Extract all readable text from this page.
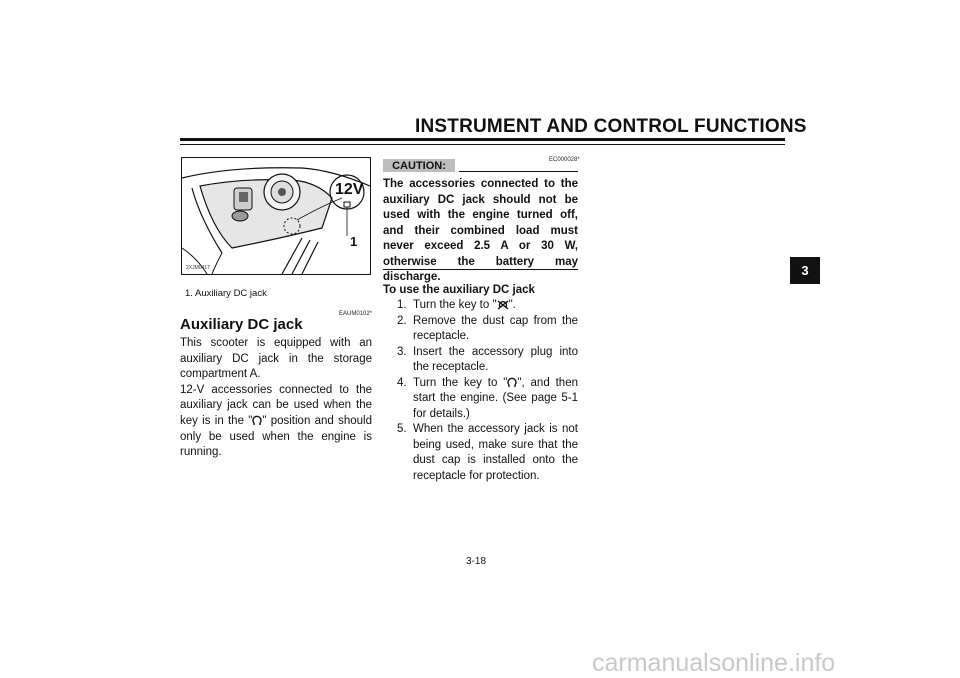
INSTRUMENT AND CONTROL FUNCTIONS
3
12V
1
2XJM0417
1. Auxiliary DC jack
EAUM0102*
Auxiliary DC jack

This scooter is equipped with an auxiliary DC jack in the storage compartment A.

12-V accessories connected to the auxiliary jack can be used when the key is in the " " position and should only be used when the engine is running.

EC000028*
CAUTION:
The accessories connected to the auxiliary DC jack should not be used with the engine turned off, and their combined load must never exceed 2.5 A or 30 W, otherwise the battery may discharge.
To use the auxiliary DC jack
1. Turn the key to " ".
2. Remove the dust cap from the receptacle.
3. Insert the accessory plug into the receptacle.
4. Turn the key to " ", and then start the engine. (See page 5-1 for details.)
5. When the accessory jack is not being used, make sure that the dust cap is installed onto the receptacle for protection.
3-18
carmanualsonline.info
